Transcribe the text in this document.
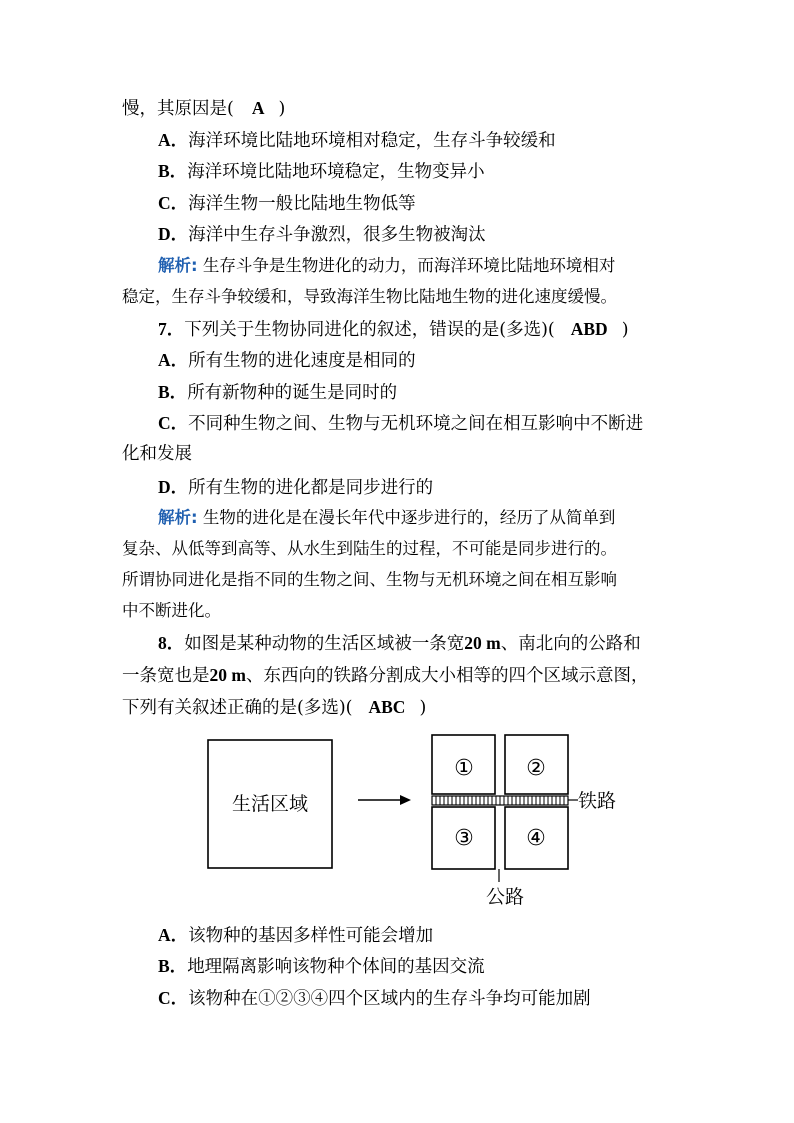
慢，其原因是( A )
A．海洋环境比陆地环境相对稳定，生存斗争较缓和
B．海洋环境比陆地环境稳定，生物变异小
C．海洋生物一般比陆地生物低等
D．海洋中生存斗争激烈，很多生物被淘汰
解析: 生存斗争是生物进化的动力，而海洋环境比陆地环境相对
稳定，生存斗争较缓和，导致海洋生物比陆地生物的进化速度缓慢。
7．下列关于生物协同进化的叙述，错误的是(多选)( ABD )
A．所有生物的进化速度是相同的
B．所有新物种的诞生是同时的
C．不同种生物之间、生物与无机环境之间在相互影响中不断进
化和发展
D．所有生物的进化都是同步进行的
解析: 生物的进化是在漫长年代中逐步进行的，经历了从简单到
复杂、从低等到高等、从水生到陆生的过程，不可能是同步进行的。
所谓协同进化是指不同的生物之间、生物与无机环境之间在相互影响
中不断进化。
8．如图是某种动物的生活区域被一条宽20 m、南北向的公路和
一条宽也是20 m、东西向的铁路分割成大小相等的四个区域示意图，
下列有关叙述正确的是(多选)( ABC )
生活区域
① ②
③ ④
铁路
公路
A．该物种的基因多样性可能会增加
B．地理隔离影响该物种个体间的基因交流
C．该物种在①②③④四个区域内的生存斗争均可能加剧
